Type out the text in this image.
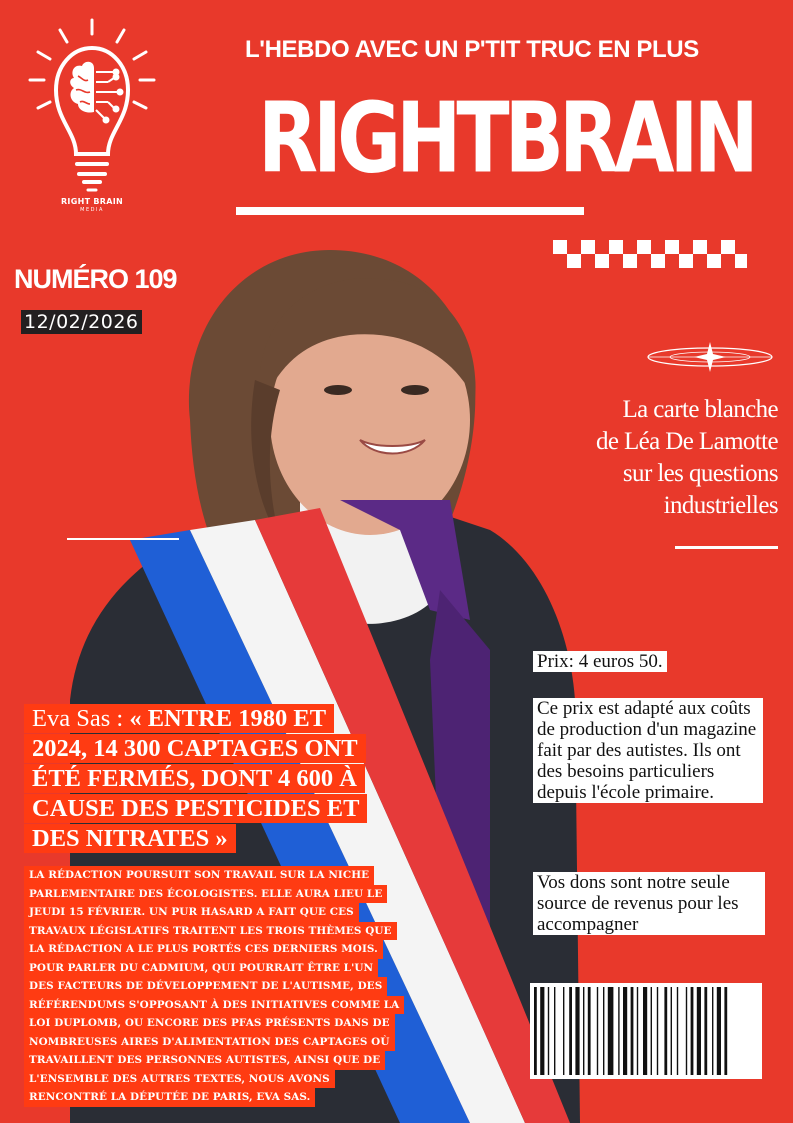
RIGHT BRAIN
MEDIA
L'HEBDO AVEC UN P'TIT TRUC EN PLUS
RIGHTBRAIN
NUMÉRO 109
12/02/2026
La carte blanche
de Léa De Lamotte
sur les questions
industrielles
Prix: 4 euros 50.
Ce prix est adapté aux coûts de production d'un magazine fait par des autistes. Ils ont des besoins particuliers depuis l'école primaire.
Vos dons sont notre seule source de revenus pour les accompagner
Eva Sas : « ENTRE 1980 ET
2024, 14 300 CAPTAGES ONT
ÉTÉ FERMÉS, DONT 4 600 À
CAUSE DES PESTICIDES ET
DES NITRATES »
LA RÉDACTION POURSUIT SON TRAVAIL SUR LA NICHE
PARLEMENTAIRE DES ÉCOLOGISTES. ELLE AURA LIEU LE
JEUDI 15 FÉVRIER. UN PUR HASARD A FAIT QUE CES
TRAVAUX LÉGISLATIFS TRAITENT LES TROIS THÈMES QUE
LA RÉDACTION A LE PLUS PORTÉS CES DERNIERS MOIS.
POUR PARLER DU CADMIUM, QUI POURRAIT ÊTRE L'UN
DES FACTEURS DE DÉVELOPPEMENT DE L'AUTISME, DES
RÉFÉRENDUMS S'OPPOSANT À DES INITIATIVES COMME LA
LOI DUPLOMB, OU ENCORE DES PFAS PRÉSENTS DANS DE
NOMBREUSES AIRES D'ALIMENTATION DES CAPTAGES OÙ
TRAVAILLENT DES PERSONNES AUTISTES, AINSI QUE DE
L'ENSEMBLE DES AUTRES TEXTES, NOUS AVONS
RENCONTRÉ LA DÉPUTÉE DE PARIS, EVA SAS.
